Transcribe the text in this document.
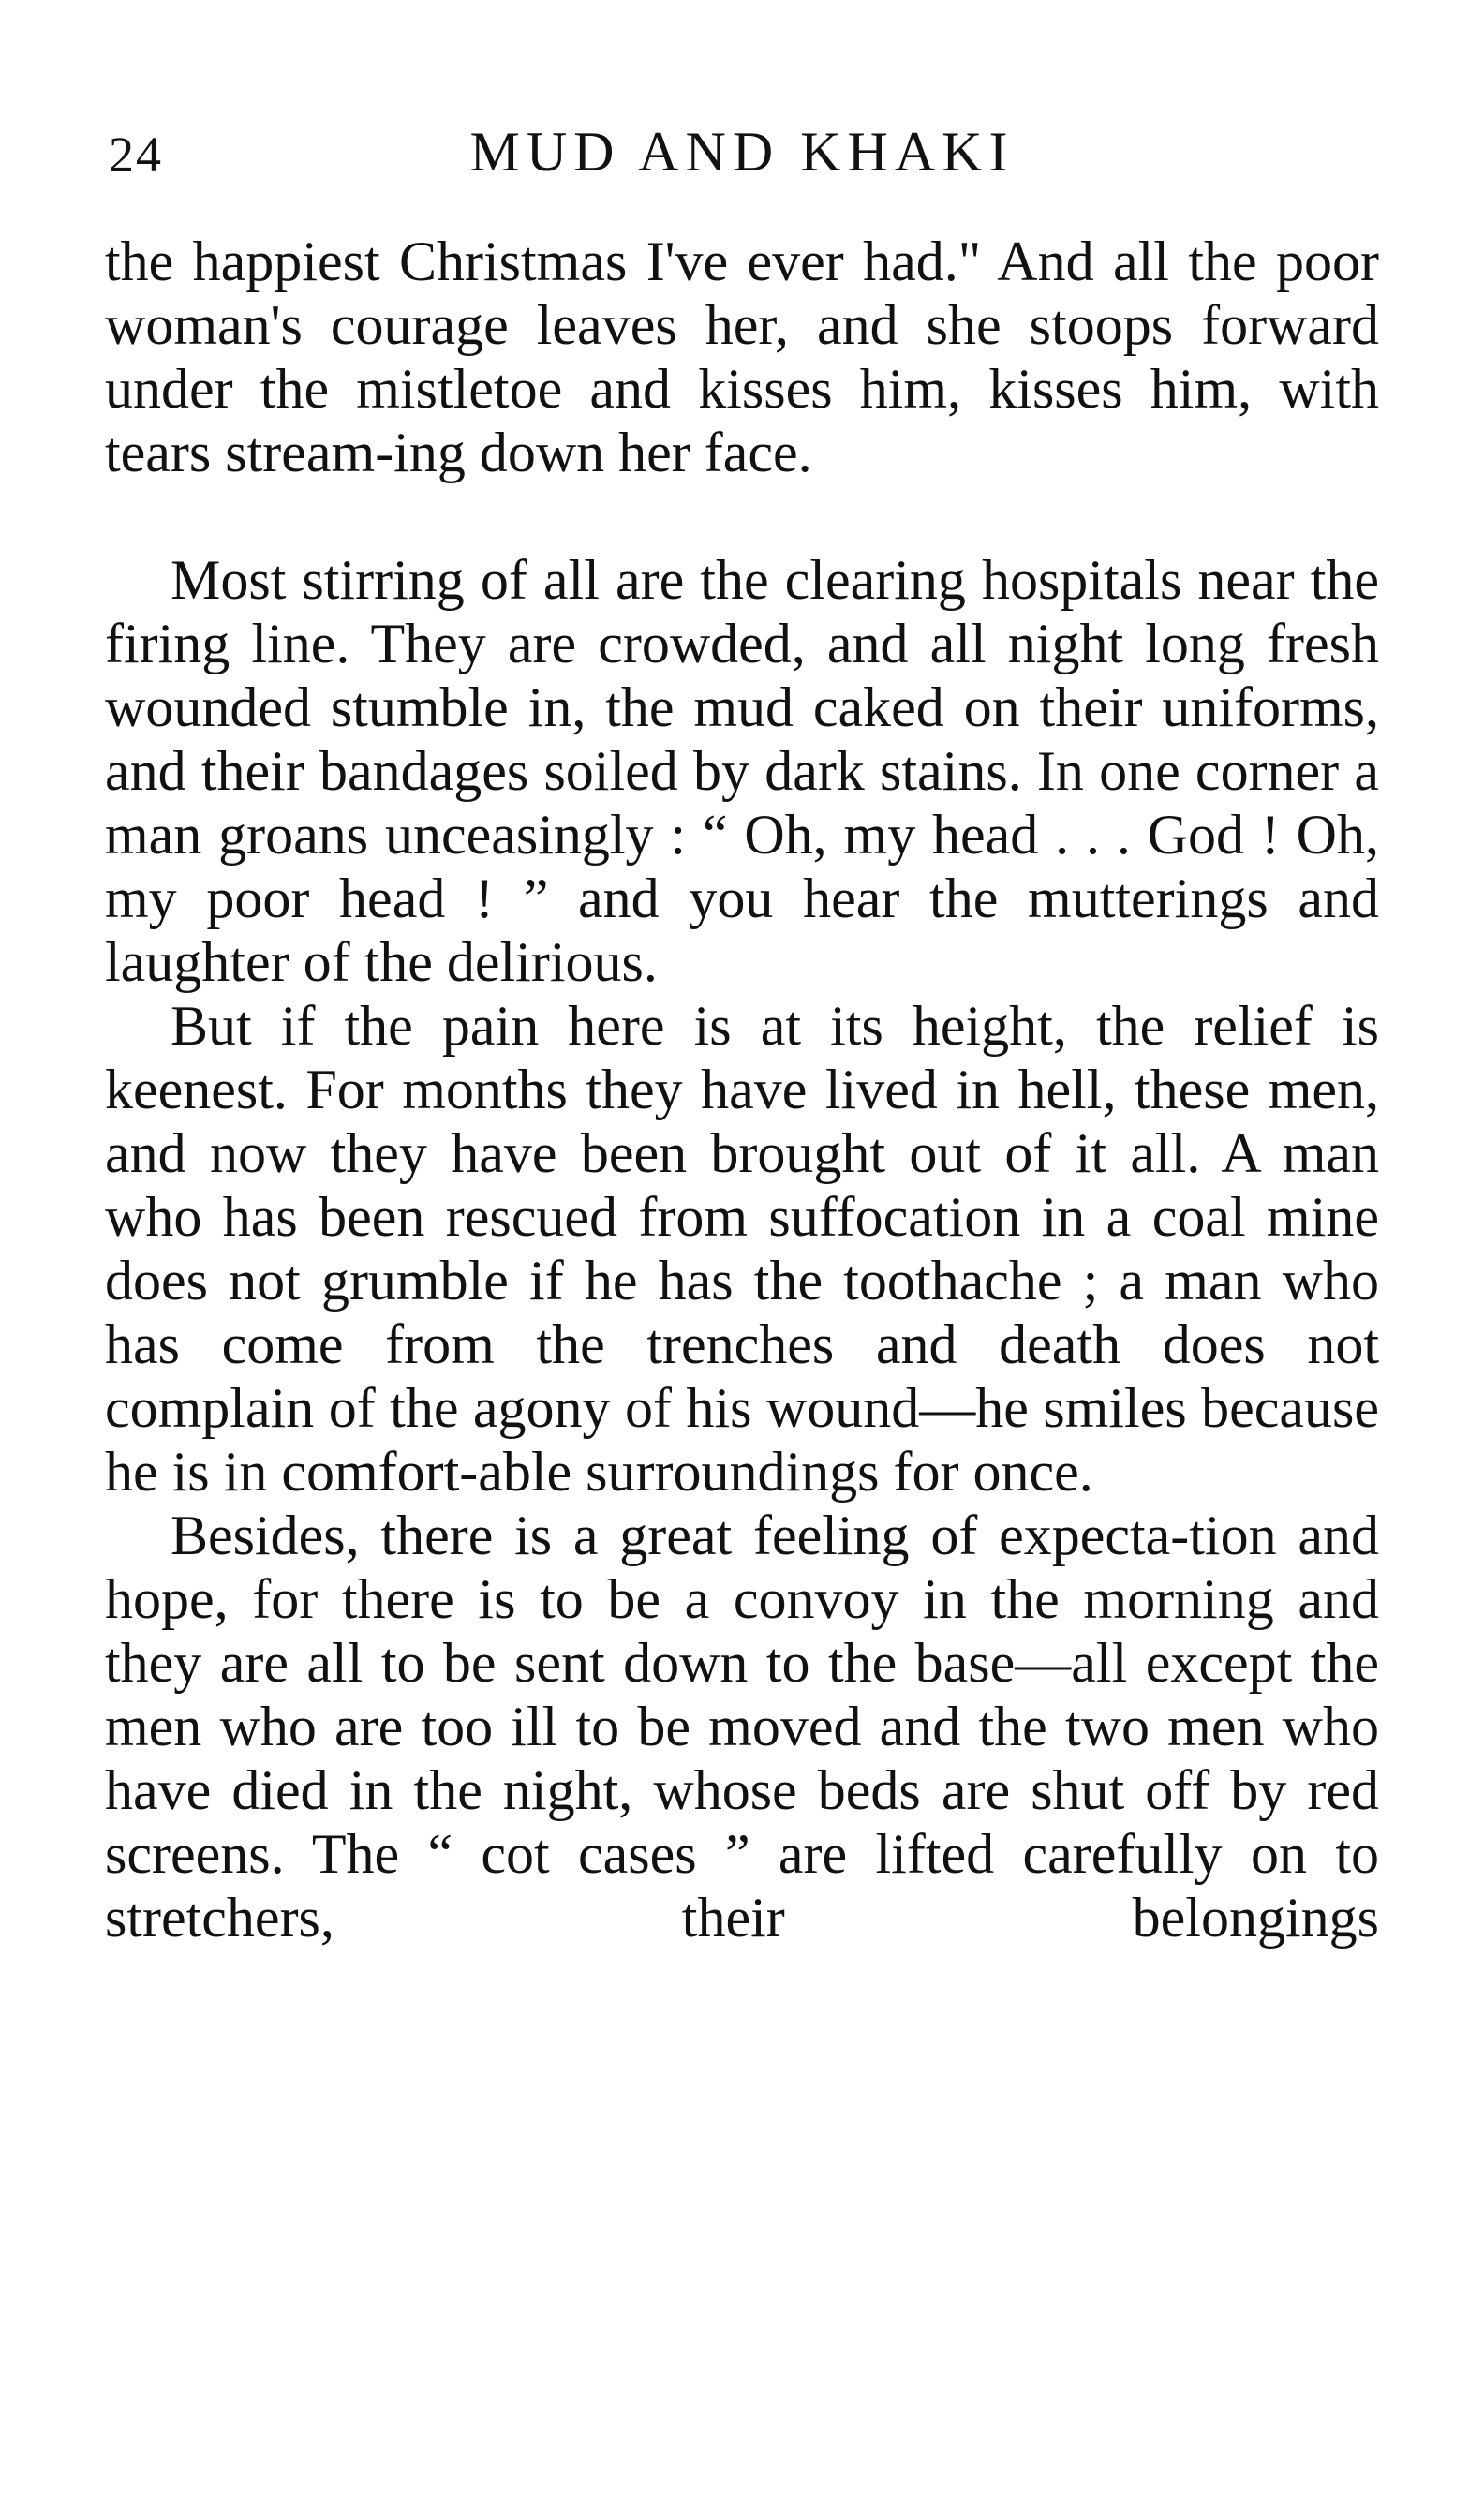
24	MUD AND KHAKI

the happiest Christmas I've ever had." And all the poor woman's courage leaves her, and she stoops forward under the mistletoe and kisses him, kisses him, with tears stream-ing down her face.

Most stirring of all are the clearing hospitals near the firing line. They are crowded, and all night long fresh wounded stumble in, the mud caked on their uniforms, and their bandages soiled by dark stains. In one corner a man groans unceasingly : “ Oh, my head . . . God ! Oh, my poor head ! ” and you hear the mutterings and laughter of the delirious.

But if the pain here is at its height, the relief is keenest. For months they have lived in hell, these men, and now they have been brought out of it all. A man who has been rescued from suffocation in a coal mine does not grumble if he has the toothache ; a man who has come from the trenches and death does not complain of the agony of his wound—he smiles because he is in comfort-able surroundings for once.

Besides, there is a great feeling of expecta-tion and hope, for there is to be a convoy in the morning and they are all to be sent down to the base—all except the men who are too ill to be moved and the two men who have died in the night, whose beds are shut off by red screens. The “ cot cases ” are lifted carefully on to stretchers, their belongings
